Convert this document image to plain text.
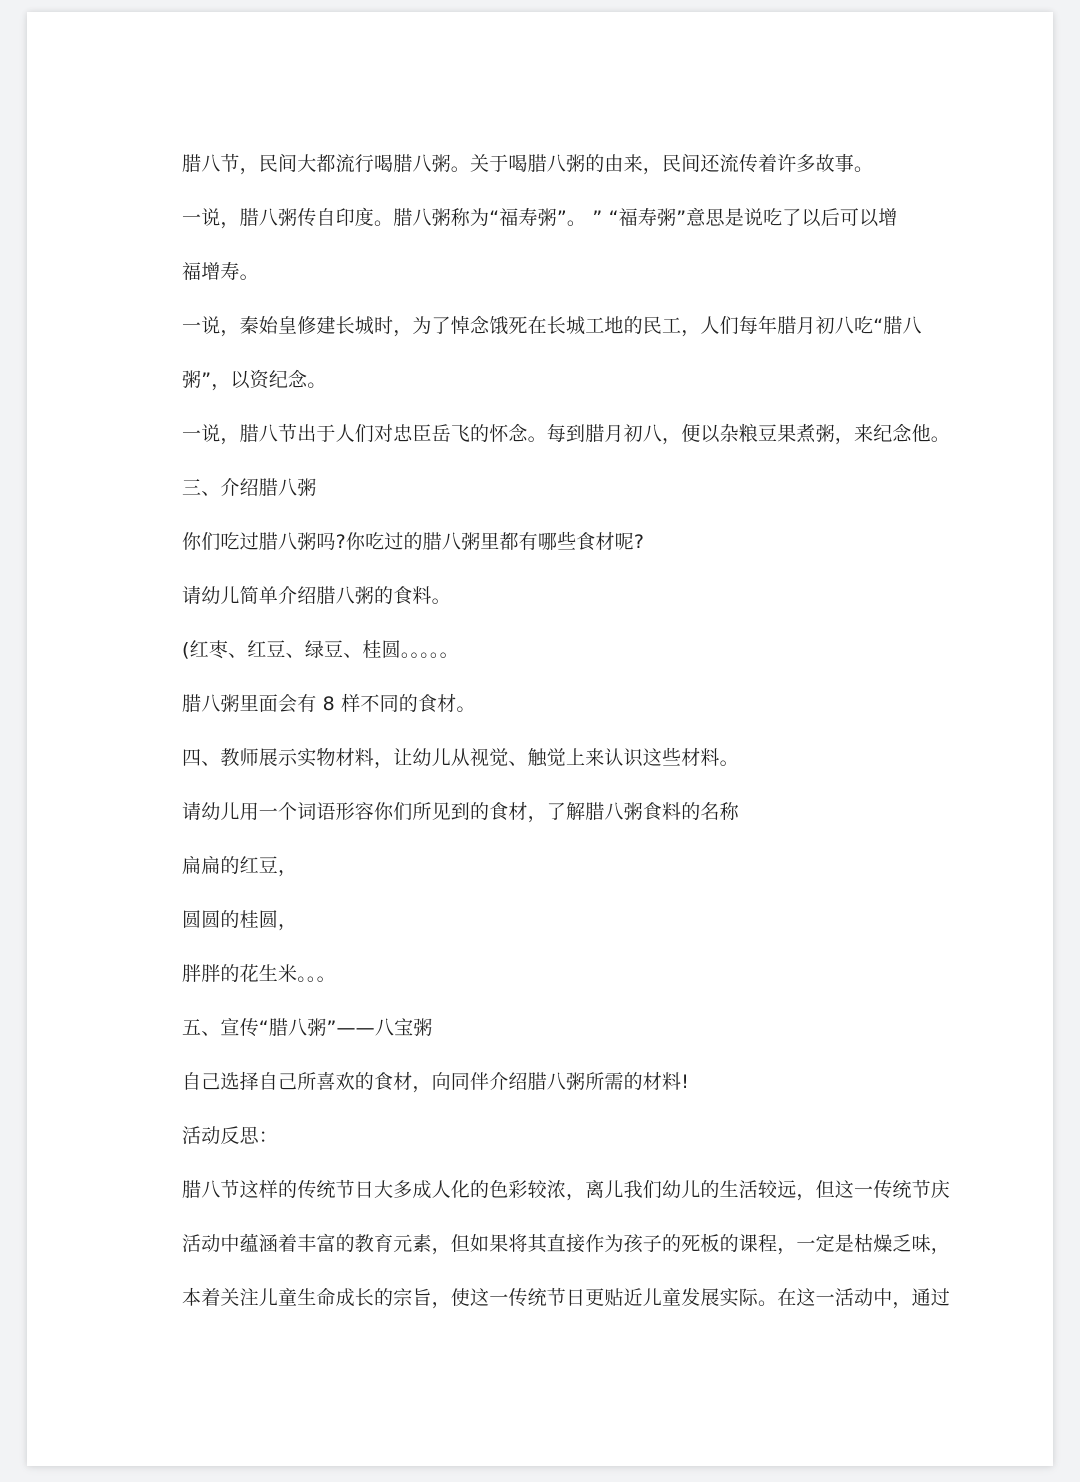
腊八节，民间大都流行喝腊八粥。关于喝腊八粥的由来，民间还流传着许多故事。
一说，腊八粥传自印度。腊八粥称为“福寿粥”。 ” “福寿粥”意思是说吃了以后可以增
福增寿。
一说，秦始皇修建长城时，为了悼念饿死在长城工地的民工，人们每年腊月初八吃“腊八
粥”，以资纪念。
一说，腊八节出于人们对忠臣岳飞的怀念。每到腊月初八，便以杂粮豆果煮粥，来纪念他。
三、介绍腊八粥
你们吃过腊八粥吗?你吃过的腊八粥里都有哪些食材呢?
请幼儿简单介绍腊八粥的食料。
(红枣、红豆、绿豆、桂圆。。。。。
腊八粥里面会有 8 样不同的食材。
四、教师展示实物材料，让幼儿从视觉、触觉上来认识这些材料。
请幼儿用一个词语形容你们所见到的食材，了解腊八粥食料的名称
扁扁的红豆，
圆圆的桂圆，
胖胖的花生米。。。
五、宣传“腊八粥”——八宝粥
自己选择自己所喜欢的食材，向同伴介绍腊八粥所需的材料!
活动反思：
腊八节这样的传统节日大多成人化的色彩较浓，离儿我们幼儿的生活较远，但这一传统节庆
活动中蕴涵着丰富的教育元素，但如果将其直接作为孩子的死板的课程，一定是枯燥乏味，
本着关注儿童生命成长的宗旨，使这一传统节日更贴近儿童发展实际。在这一活动中，通过
